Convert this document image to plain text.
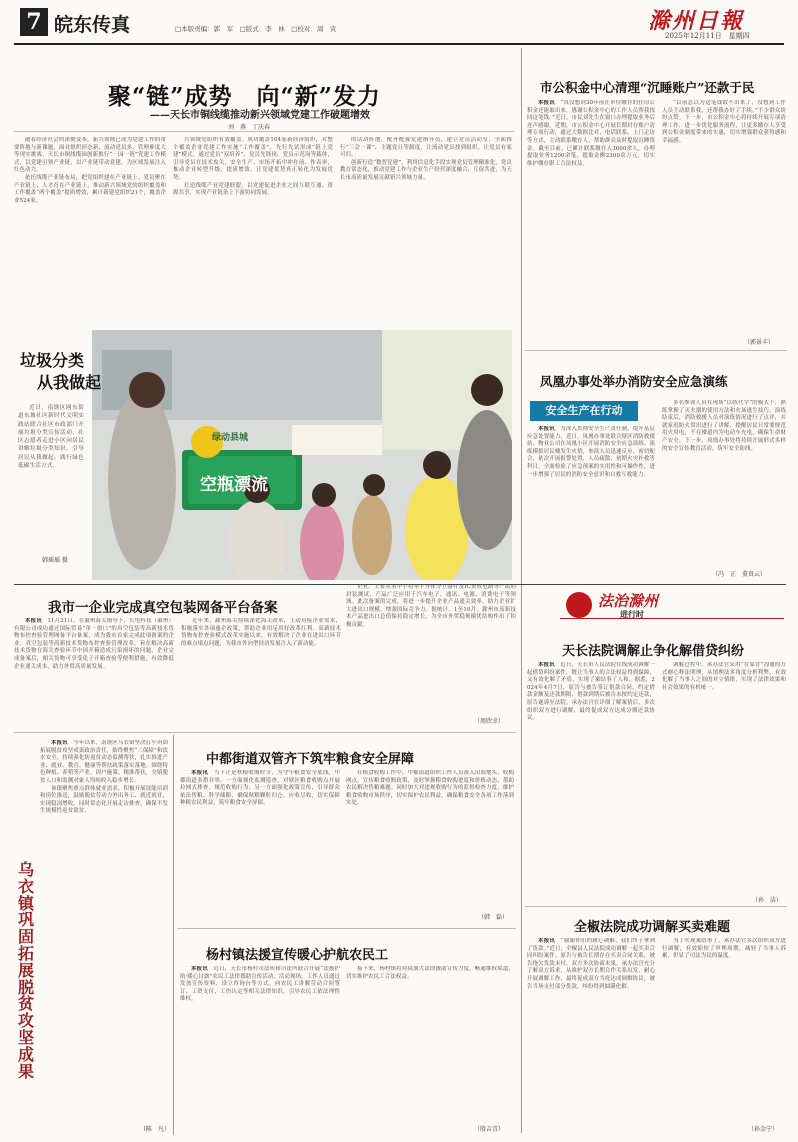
7 皖东传真	□本版责编：郭　军　□版式：李　林　□校对：周　寅	滁州日報
2025年12月11日　星期四
聚“链”成势　向“新”发力
——天长市铜线缆推动新兴领域党建工作破题增效
刘　燕　丁庆春

随着经济社会的深刻变革，新兴领域已成为党建工作的重要阵地与新课题。面对组织形态新、流动党员多、管理难度大等现实挑战，天长市铜线缆园创新推行“一园一链”党建工作模式，以党建引领产业链，以产业链带动党建，为区域发展注入红色动力。

依托线缆产业链布局，把党组织建在产业链上、党员聚在产业链上、人才育在产业链上，推动新兴领域党的组织覆盖和工作覆盖“两个覆盖”提质增效，累计新建党组织21个，覆盖企业524家。

兴领域党组织有效覆盖。成功覆盖104家新经济组织，对整个覆盖企业党建工作实施“工作覆盖”，先行先试形成“链上党建”模式。通过党员“双培养”、党员先锋岗、党员示范岗等载体，引导党员在技术攻关、安全生产、市场开拓中冲在前、作表率，推动企业转型升级、提质增效，让党建优势真正转化为发展优势。

打造线缆产业党建联盟，以党建促进企业之间互联互通、资源共享，实现产业链条上下游协同发展。

的活动阵地，配齐配强党建指导员，建立党员活动室，全面推行“三会一课”、主题党日等制度，让流动党员找到组织、让党员有家可归。

创新打造“数智党建”，利用信息化手段实现党员管理精准化，党员教育常态化，推动党建工作与企业生产经营深度融合、互促共进，为天长市高质量发展贡献新兴领域力量。

绿动县城
空瓶漂流
垃圾分类
从我做起

近日，南谯区网东街道东坡社区新时代文明实践站联合社区市政部门开展垃圾分类宣传活动，社区志愿者走进小区向居民讲解垃圾分类知识，引导居民从我做起，践行绿色低碳生活方式。

韩瑶瑶 摄
市公积金中心清理“沉睡账户”还款于民

本报讯　 “真没想到30年前在单位缴存的住房公积金还能取出来，感谢公积金中心的工作人员帮我找回这笔钱。”近日，市民刘先生在窗口办理提取业务后连声感谢。近期，市公积金中心开展长期封存账户清理专项行动，通过大数据比对、电话联系、上门走访等方式，主动联系缴存人，帮助群众及时提取沉睡资金。截至目前，已累计联系缴存人3600余人，办理提取业务1200余笔，提取金额2300余万元，切实维护缴存职工合法权益。

“以前总以为这笔钱取不出来了，没想到工作人员主动联系我，还帮我办好了手续。”不少群众纷纷点赞。下一步，市公积金中心将持续开展专项清理工作，进一步优化服务流程，让更多缴存人享受到公积金制度带来的实惠，切实增强群众获得感和幸福感。

（郭景丰）
凤凰办事处举办消防安全应急演练
安全生产在行动

本报讯　 为深入贯彻安全生产责任制，提升基层应急处置能力，近日，凤凰办事处联合辖区消防救援站、物业公司在凤凰小区开展消防安全应急演练。演练模拟居民楼发生火情，参演人员迅速反应、密切配合，依次开展报警处置、人员疏散、初期火灾扑救等科目，全面检验了应急预案的实用性和可操作性，进一步增强了居民的消防安全意识和自救互救能力。

多名参训人员在现场“以练代学”的模式下，熟练掌握了灭火器的使用方法和火场逃生技巧。演练结束后，消防救援人员对演练情况进行了点评，并就家庭防火常识进行了讲解，提醒居民日常要规范用火用电，不在楼道内为电动车充电，确保生命财产安全。下一步，凤凰办事处将持续开展形式多样的安全宣传教育活动，筑牢安全防线。

（冯　正　董贵云）
我市一企业完成真空包装网备平台备案

本报讯　 11月21日，在滁州海关指导下，长电科技（滁州）有限公司成功通过国际贸易“单一窗口”的真空包装等高新技术货物布控查验管理网备平台备案，成为我市首家完成此项备案的企业。真空包装等高新技术货物布控查验管理改革，旨在解决高新技术货物在海关查验环节中因开箱造成污染损坏的问题，企业完成备案后，相关货物可享受免于开箱查验等便利措施，有效降低企业通关成本，助力外贸高质量发展。

近年来，滁州海关持续深化海关改革，主动对接企业需求，积极落实各项惠企政策，帮助企业用足用好改革红利。高新技术货物布控查验模式改革实施以来，有效解决了企业在进出口环节的难点堵点问题，为我市外向型经济发展注入了新动能。

企业。主要从事中小功率半导体分立器件及IC集成电路等产品的封装测试，产品广泛应用于汽车电子、通讯、电源、消费电子等领域。此次备案的完成，将进一步提升企业产品通关效率，助力企业扩大进出口规模，增强国际竞争力。据统计，1至10月，滁州市高新技术产品进出口总值保持稳定增长，为全市外贸稳规模优结构作出了积极贡献。

（周欣幸）
法治滁州
进行时
天长法院调解止争化解借贷纠纷

本报讯　 近日，天长市人民法院在线成功调解一起借贷纠纷案件，既让当事人的合法权益得到保障，又有效化解了矛盾，实现了案结事了人和。据悉，2024年4月7日，原告与被告签订借款合同，约定借款金额及还款期限，借款到期后被告未按约定还款，原告遂诉至法院。承办法官在详细了解案情后，多次组织双方进行调解，最终促成双方达成分期还款协议。

调解过程中，承办法官采用“背靠背”沟通的方式耐心释法明理，从情理法多角度分析利弊，有效化解了当事人之间的对立情绪，实现了法律效果和社会效果的有机统一。

（孙　洁）
全椒法院成功调解买卖难题

本报讯　 “谢谢你们的耐心调解，我们终于拿到了货款。”近日，全椒县人民法院成功调解一起买卖合同纠纷案件。原告与被告长期存在买卖合同关系，被告拖欠货款未付，双方多次协商未果。承办法官充分了解双方诉求，从维护双方长期合作关系出发，耐心开展调解工作，最终促成双方当庭达成调解协议，被告当场支付部分货款，纠纷得到圆满化解。

为了实现案结事了，承办法官多次组织双方进行调解，有效缩短了审理周期，减轻了当事人诉累，彰显了司法为民的温度。

（孙金宁）
乌衣镇巩固拓展脱贫攻坚成果

本报讯　 今年以来，南谯区乌衣镇坚决扛牢巩固拓展脱贫攻坚成果政治责任，始终聚焦“三保障”和饮水安全，持续强化防返贫动态监测帮扶，扎实推进产业、就业、教育、健康等帮扶政策落实落地。围绕特色种植、养殖等产业，因户施策、精准帮扶，全镇脱贫人口和监测对象人均纯收入稳步增长。

该镇聚焦重点群体就业需求，积极开展技能培训和岗位推送，鼓励脱贫劳动力外出务工、就近就业，实现稳岗增收。同时常态化开展走访排查，确保不发生规模性返贫致贫。

（陈　凡）
中都街道双管齐下筑牢粮食安全屏障

本报讯　 当下正是秋粮收购时节，为守牢粮食安全底线，中都街道多措并举，一方面强化监测巡查，对辖区粮食收购点开展拉网式排查，规范收购行为；另一方面强化政策宣传，引导群众依法售粮、科学储粮，确保秋粮颗粒归仓、应收尽收，切实保障种粮农民利益，筑牢粮食安全屏障。

在粮食收购工作中，中都街道组织工作人员深入田间地头、收购网点，宣传粮食收购政策，及时掌握粮食收购进度和价格动态，帮助农民解决售粮难题。同时加大对违规收购行为的监督检查力度，维护粮食收购市场秩序，切实保护农民利益，确保粮食安全各项工作落到实处。

（韩　磊）
杨村镇法援宣传暖心护航农民工

本报讯　 近日，天长市杨村司法所和司法所联合开展“法援护航·暖心讨薪”农民工法律援助宣传活动。活动现场，工作人员通过发放宣传资料、设立咨询台等方式，向农民工讲解劳动合同签订、工资支付、工伤认定等相关法律知识，引导农民工依法理性维权。

接下来，杨村镇将持续加大法律援助宣传力度，畅通维权渠道，切实维护农民工合法权益。

（殷吉青）
